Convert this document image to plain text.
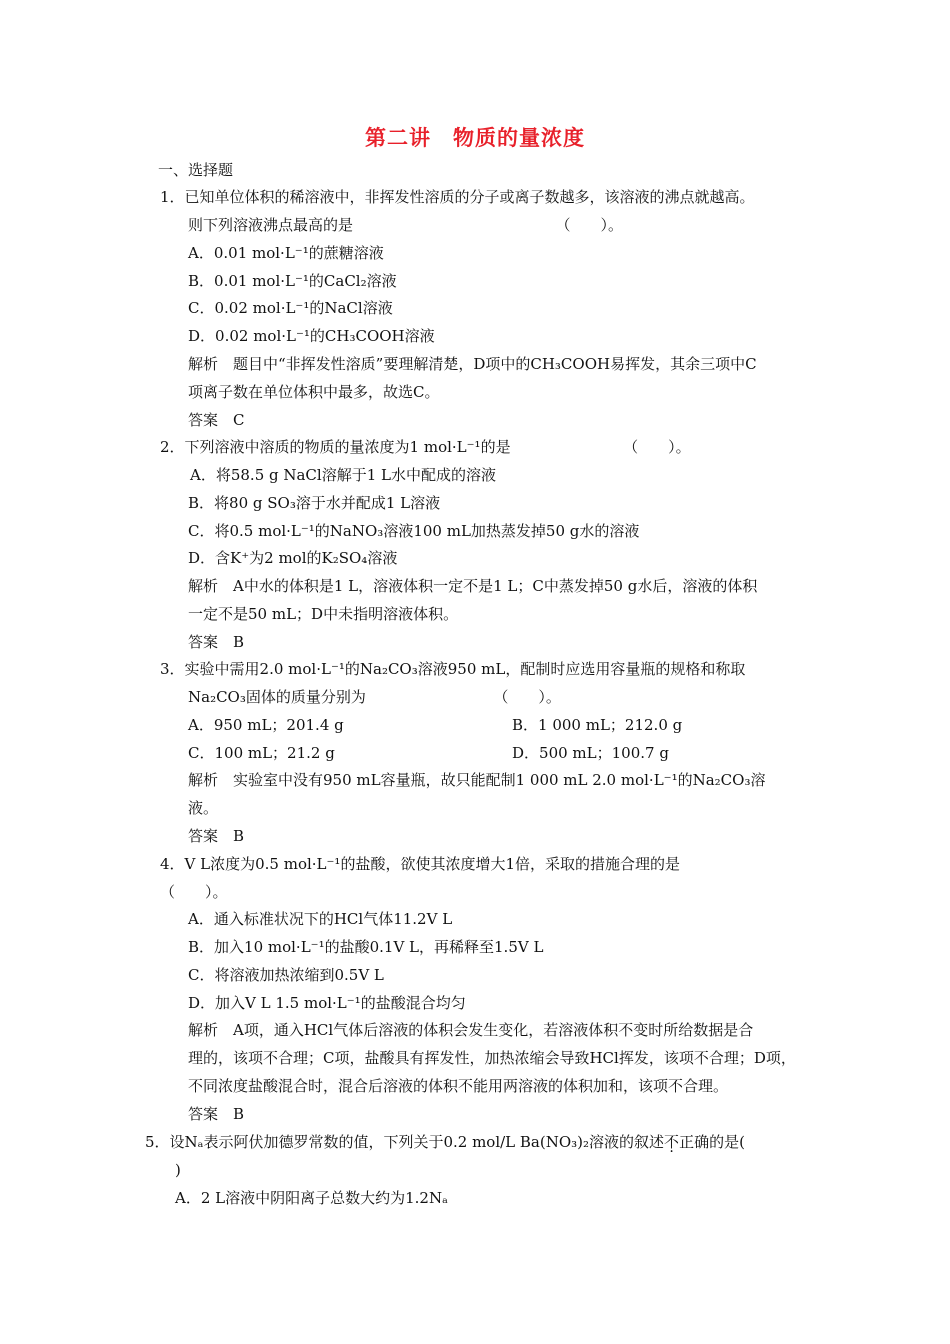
第二讲　物质的量浓度
一、选择题
1．已知单位体积的稀溶液中，非挥发性溶质的分子或离子数越多，该溶液的沸点就越高。
则下列溶液沸点最高的是　　　　　　　　　　　　　　（　　）。
A．0.01 mol·L⁻¹的蔗糖溶液
B．0.01 mol·L⁻¹的CaCl₂溶液
C．0.02 mol·L⁻¹的NaCl溶液
D．0.02 mol·L⁻¹的CH₃COOH溶液
解析　题目中“非挥发性溶质”要理解清楚，D项中的CH₃COOH易挥发，其余三项中C
项离子数在单位体积中最多，故选C。
答案　C
2．下列溶液中溶质的物质的量浓度为1 mol·L⁻¹的是　　　　　　　　（　　）。
A．将58.5 g NaCl溶解于1 L水中配成的溶液
B．将80 g SO₃溶于水并配成1 L溶液
C．将0.5 mol·L⁻¹的NaNO₃溶液100 mL加热蒸发掉50 g水的溶液
D．含K⁺为2 mol的K₂SO₄溶液
解析　A中水的体积是1 L，溶液体积一定不是1 L；C中蒸发掉50 g水后，溶液的体积
一定不是50 mL；D中未指明溶液体积。
答案　B
3．实验中需用2.0 mol·L⁻¹的Na₂CO₃溶液950 mL，配制时应选用容量瓶的规格和称取
Na₂CO₃固体的质量分别为　　　　　　　　　（　　）。
A．950 mL；201.4 g	B．1 000 mL；212.0 g
C．100 mL；21.2 g	D．500 mL；100.7 g
解析　实验室中没有950 mL容量瓶，故只能配制1 000 mL 2.0 mol·L⁻¹的Na₂CO₃溶
液。
答案　B
4．V L浓度为0.5 mol·L⁻¹的盐酸，欲使其浓度增大1倍，采取的措施合理的是
（　　）。
A．通入标准状况下的HCl气体11.2V L
B．加入10 mol·L⁻¹的盐酸0.1V L，再稀释至1.5V L
C．将溶液加热浓缩到0.5V L
D．加入V L 1.5 mol·L⁻¹的盐酸混合均匀
解析　A项，通入HCl气体后溶液的体积会发生变化，若溶液体积不变时所给数据是合
理的，该项不合理；C项，盐酸具有挥发性，加热浓缩会导致HCl挥发，该项不合理；D项，
不同浓度盐酸混合时，混合后溶液的体积不能用两溶液的体积加和，该项不合理。
答案　B
5．设Nₐ表示阿伏加德罗常数的值，下列关于0.2 mol/L Ba(NO₃)₂溶液的叙述不正确的是(
)
A．2 L溶液中阴阳离子总数大约为1.2Nₐ
